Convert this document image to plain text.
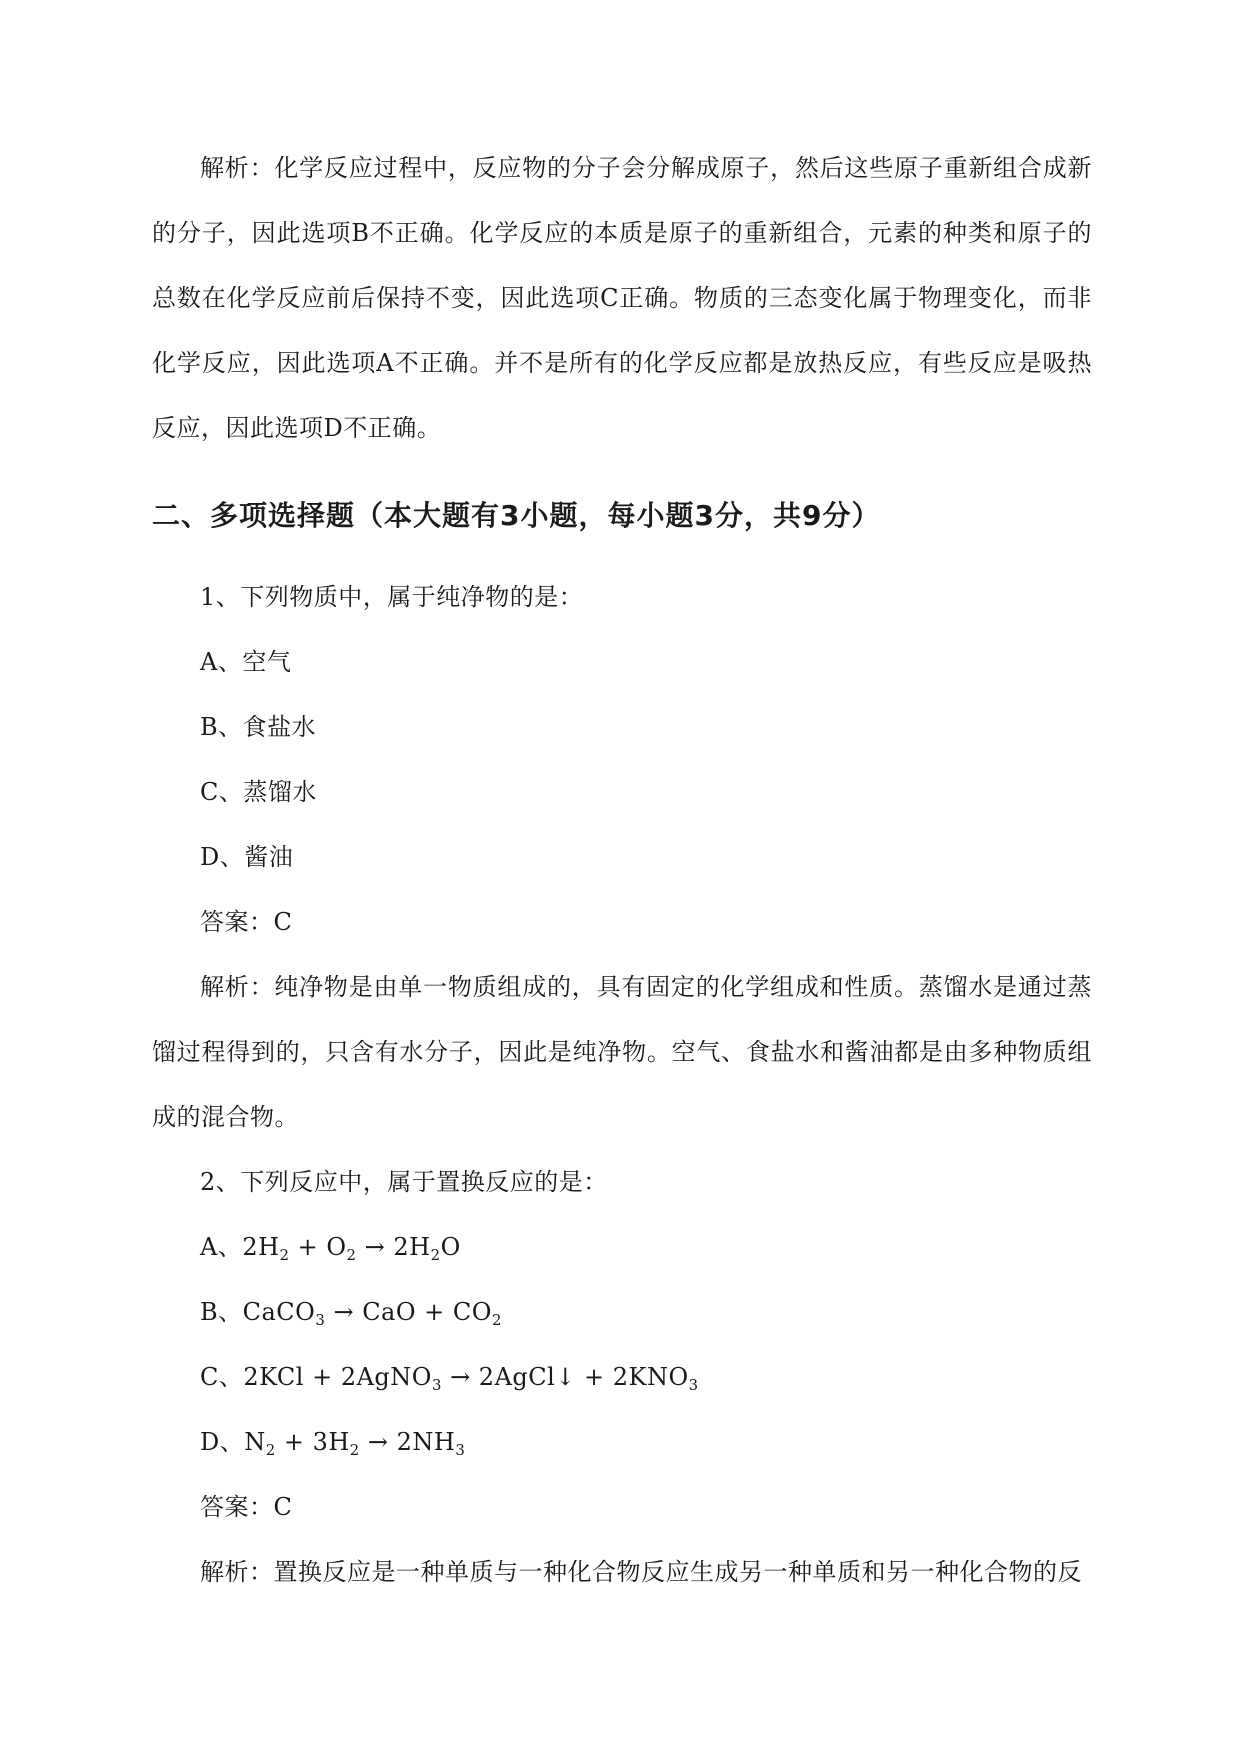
解析：化学反应过程中，反应物的分子会分解成原子，然后这些原子重新组合成新的分子，因此选项B不正确。化学反应的本质是原子的重新组合，元素的种类和原子的总数在化学反应前后保持不变，因此选项C正确。物质的三态变化属于物理变化，而非化学反应，因此选项A不正确。并不是所有的化学反应都是放热反应，有些反应是吸热反应，因此选项D不正确。

二、多项选择题（本大题有3小题，每小题3分，共9分）

1、下列物质中，属于纯净物的是：

A、空气

B、食盐水

C、蒸馏水

D、酱油

答案：C

解析：纯净物是由单一物质组成的，具有固定的化学组成和性质。蒸馏水是通过蒸馏过程得到的，只含有水分子，因此是纯净物。空气、食盐水和酱油都是由多种物质组成的混合物。

2、下列反应中，属于置换反应的是：

A、$2H_2 + O_2 \to 2H_2O$

B、CaCO$_3$ → CaO + $CO_2$

C、2KCl + 2AgNO$_3$ → 2AgCl↓ + $2KNO_3$

D、$N_2 + 3H_2 \to 2NH_3$

答案：C

解析：置换反应是一种单质与一种化合物反应生成另一种单质和另一种化合物的反
